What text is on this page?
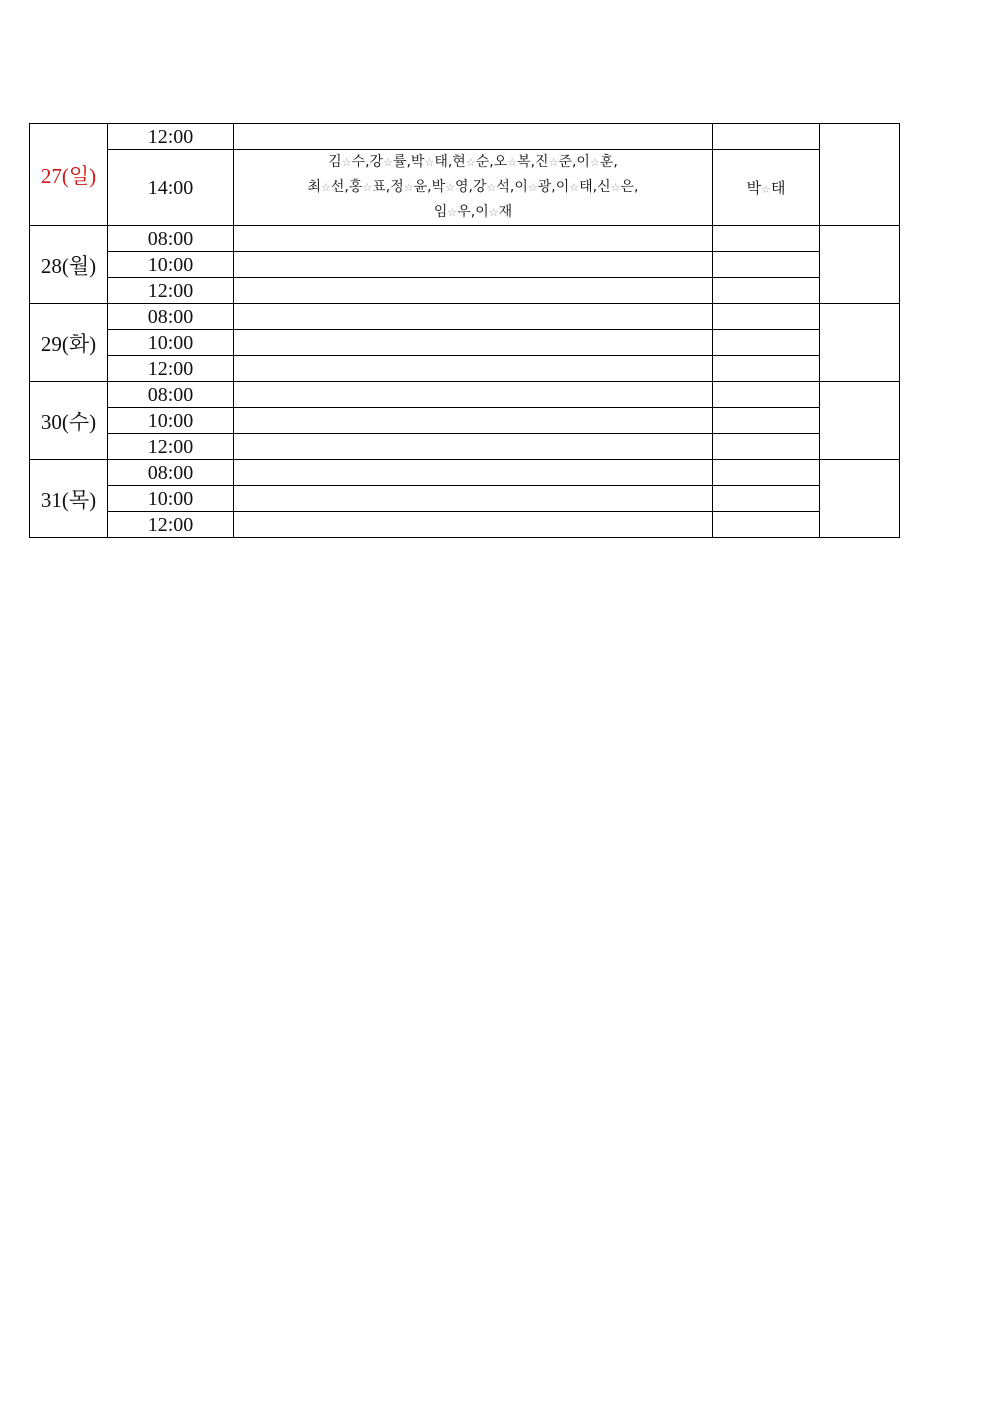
27(일)	12:00			
	14:00	김☆수,강☆률,박☆태,현☆순,오☆복,진☆준,이☆훈,
최☆선,홍☆표,정☆윤,박☆영,강☆석,이☆광,이☆태,신☆은,
임☆우,이☆재	박☆태	
28(월)	08:00			
	10:00			
	12:00			
29(화)	08:00			
	10:00			
	12:00			
30(수)	08:00			
	10:00			
	12:00			
31(목)	08:00			
	10:00			
	12:00			
